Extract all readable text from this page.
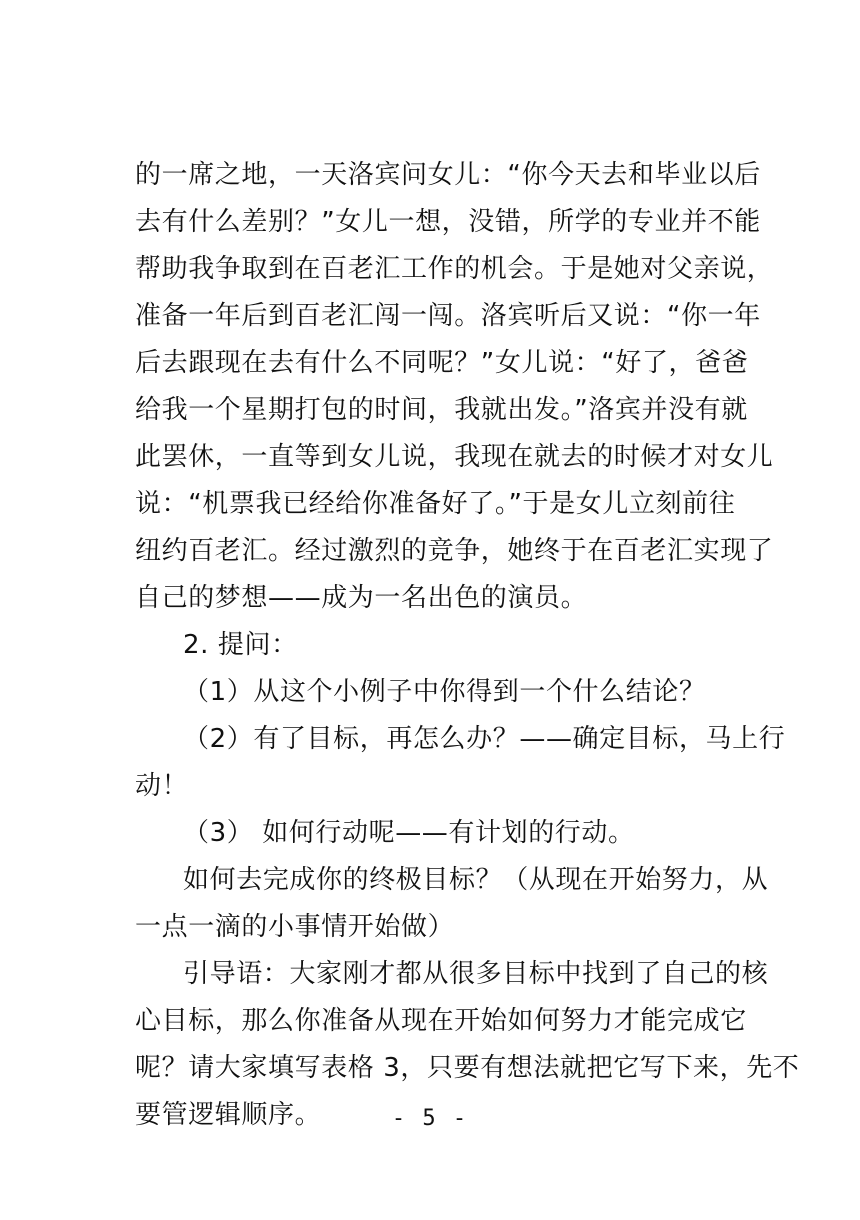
的一席之地，一天洛宾问女儿：“你今天去和毕业以后
去有什么差别？”女儿一想，没错，所学的专业并不能
帮助我争取到在百老汇工作的机会。于是她对父亲说，
准备一年后到百老汇闯一闯。洛宾听后又说：“你一年
后去跟现在去有什么不同呢？”女儿说：“好了，爸爸
给我一个星期打包的时间，我就出发。”洛宾并没有就
此罢休，一直等到女儿说，我现在就去的时候才对女儿
说：“机票我已经给你准备好了。”于是女儿立刻前往
纽约百老汇。经过激烈的竞争，她终于在百老汇实现了
自己的梦想——成为一名出色的演员。
2. 提问：
（1）从这个小例子中你得到一个什么结论？
（2）有了目标，再怎么办？——确定目标，马上行
动！
（3） 如何行动呢——有计划的行动。
如何去完成你的终极目标？（从现在开始努力，从
一点一滴的小事情开始做）
引导语：大家刚才都从很多目标中找到了自己的核
心目标，那么你准备从现在开始如何努力才能完成它
呢？请大家填写表格 3，只要有想法就把它写下来，先不
要管逻辑顺序。	- 5 -
